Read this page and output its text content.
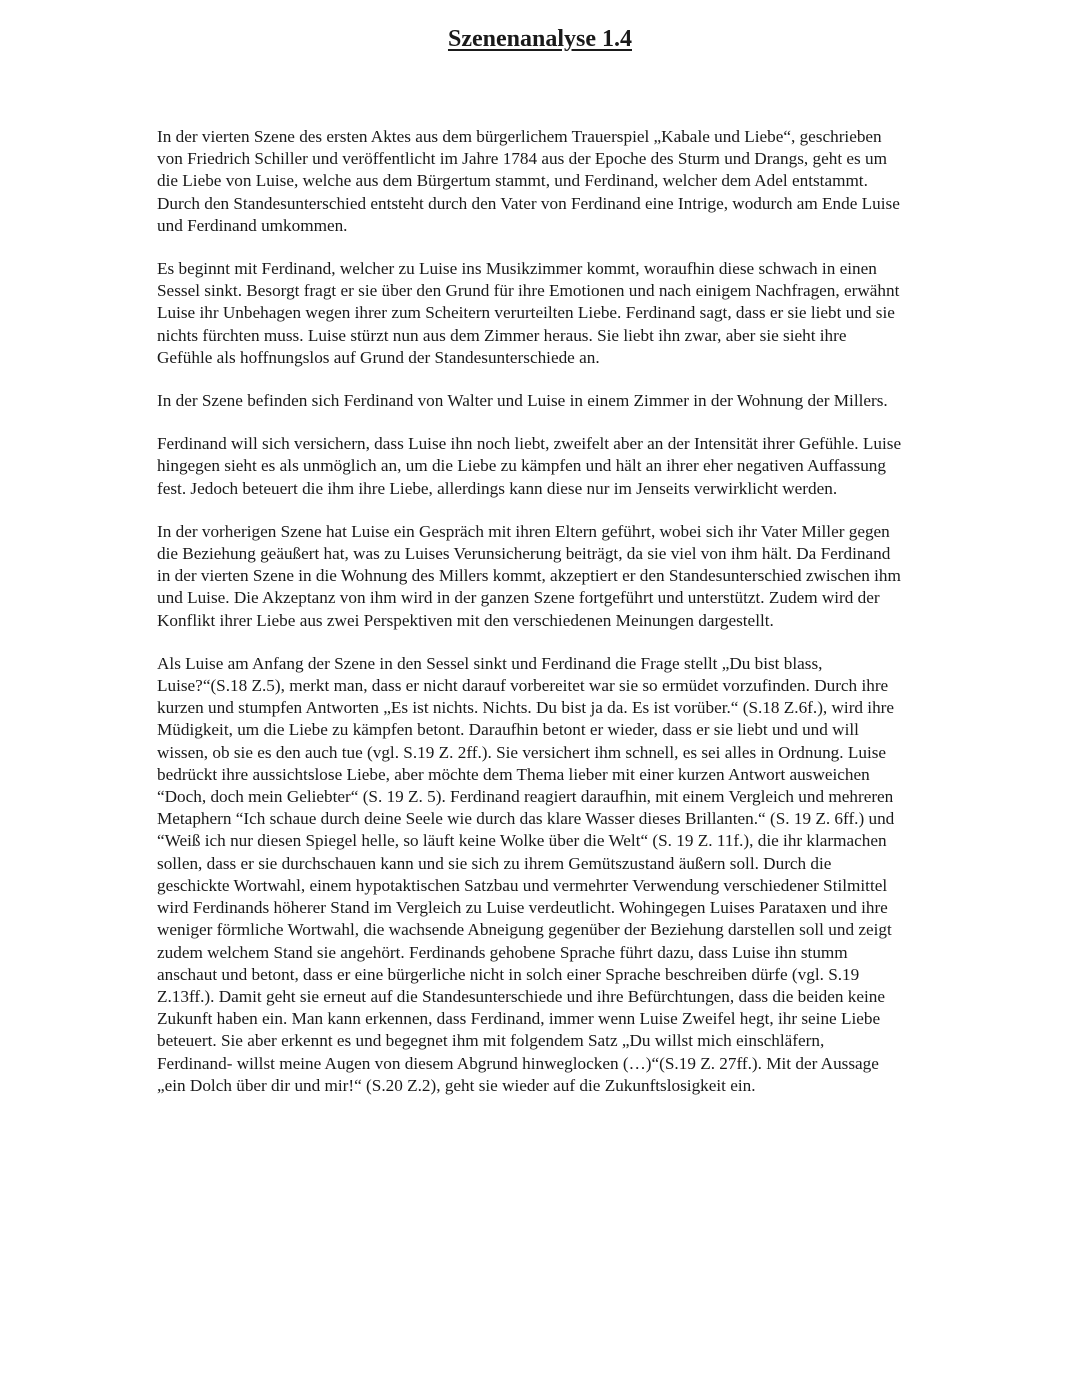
Szenenanalyse 1.4

In der vierten Szene des ersten Aktes aus dem bürgerlichem Trauerspiel „Kabale und Liebe“, geschrieben von Friedrich Schiller und veröffentlicht im Jahre 1784 aus der Epoche des Sturm und Drangs, geht es um die Liebe von Luise, welche aus dem Bürgertum stammt, und Ferdinand, welcher dem Adel entstammt. Durch den Standesunterschied entsteht durch den Vater von Ferdinand eine Intrige, wodurch am Ende Luise und Ferdinand umkommen.

Es beginnt mit Ferdinand, welcher zu Luise ins Musikzimmer kommt, woraufhin diese schwach in einen Sessel sinkt. Besorgt fragt er sie über den Grund für ihre Emotionen und nach einigem Nachfragen, erwähnt Luise ihr Unbehagen wegen ihrer zum Scheitern verurteilten Liebe. Ferdinand sagt, dass er sie liebt und sie nichts fürchten muss. Luise stürzt nun aus dem Zimmer heraus. Sie liebt ihn zwar, aber sie sieht ihre Gefühle als hoffnungslos auf Grund der Standesunterschiede an.

In der Szene befinden sich Ferdinand von Walter und Luise in einem Zimmer in der Wohnung der Millers.

Ferdinand will sich versichern, dass Luise ihn noch liebt, zweifelt aber an der Intensität ihrer Gefühle. Luise hingegen sieht es als unmöglich an, um die Liebe zu kämpfen und hält an ihrer eher negativen Auffassung fest. Jedoch beteuert die ihm ihre Liebe, allerdings kann diese nur im Jenseits verwirklicht werden.

In der vorherigen Szene hat Luise ein Gespräch mit ihren Eltern geführt, wobei sich ihr Vater Miller gegen die Beziehung geäußert hat, was zu Luises Verunsicherung beiträgt, da sie viel von ihm hält. Da Ferdinand in der vierten Szene in die Wohnung des Millers kommt, akzeptiert er den Standesunterschied zwischen ihm und Luise. Die Akzeptanz von ihm wird in der ganzen Szene fortgeführt und unterstützt. Zudem wird der Konflikt ihrer Liebe aus zwei Perspektiven mit den verschiedenen Meinungen dargestellt.

Als Luise am Anfang der Szene in den Sessel sinkt und Ferdinand die Frage stellt „Du bist blass, Luise?“(S.18 Z.5), merkt man, dass er nicht darauf vorbereitet war sie so ermüdet vorzufinden. Durch ihre kurzen und stumpfen Antworten „Es ist nichts. Nichts. Du bist ja da. Es ist vorüber.“ (S.18 Z.6f.), wird ihre Müdigkeit, um die Liebe zu kämpfen betont. Daraufhin betont er wieder, dass er sie liebt und und will wissen, ob sie es den auch tue (vgl. S.19 Z. 2ff.). Sie versichert ihm schnell, es sei alles in Ordnung. Luise bedrückt ihre aussichtslose Liebe, aber möchte dem Thema lieber mit einer kurzen Antwort ausweichen “Doch, doch mein Geliebter“ (S. 19 Z. 5). Ferdinand reagiert daraufhin, mit einem Vergleich und mehreren Metaphern “Ich schaue durch deine Seele wie durch das klare Wasser dieses Brillanten.“ (S. 19 Z. 6ff.) und “Weiß ich nur diesen Spiegel helle, so läuft keine Wolke über die Welt“ (S. 19 Z. 11f.), die ihr klarmachen sollen, dass er sie durchschauen kann und sie sich zu ihrem Gemütszustand äußern soll. Durch die geschickte Wortwahl, einem hypotaktischen Satzbau und vermehrter Verwendung verschiedener Stilmittel wird Ferdinands höherer Stand im Vergleich zu Luise verdeutlicht. Wohingegen Luises Parataxen und ihre weniger förmliche Wortwahl, die wachsende Abneigung gegenüber der Beziehung darstellen soll und zeigt zudem welchem Stand sie angehört. Ferdinands gehobene Sprache führt dazu, dass Luise ihn stumm anschaut und betont, dass er eine bürgerliche nicht in solch einer Sprache beschreiben dürfe (vgl. S.19 Z.13ff.). Damit geht sie erneut auf die Standesunterschiede und ihre Befürchtungen, dass die beiden keine Zukunft haben ein. Man kann erkennen, dass Ferdinand, immer wenn Luise Zweifel hegt, ihr seine Liebe beteuert. Sie aber erkennt es und begegnet ihm mit folgendem Satz „Du willst mich einschläfern, Ferdinand- willst meine Augen von diesem Abgrund hinweglocken (…)“(S.19 Z. 27ff.). Mit der Aussage „ein Dolch über dir und mir!“ (S.20 Z.2), geht sie wieder auf die Zukunftslosigkeit ein.
